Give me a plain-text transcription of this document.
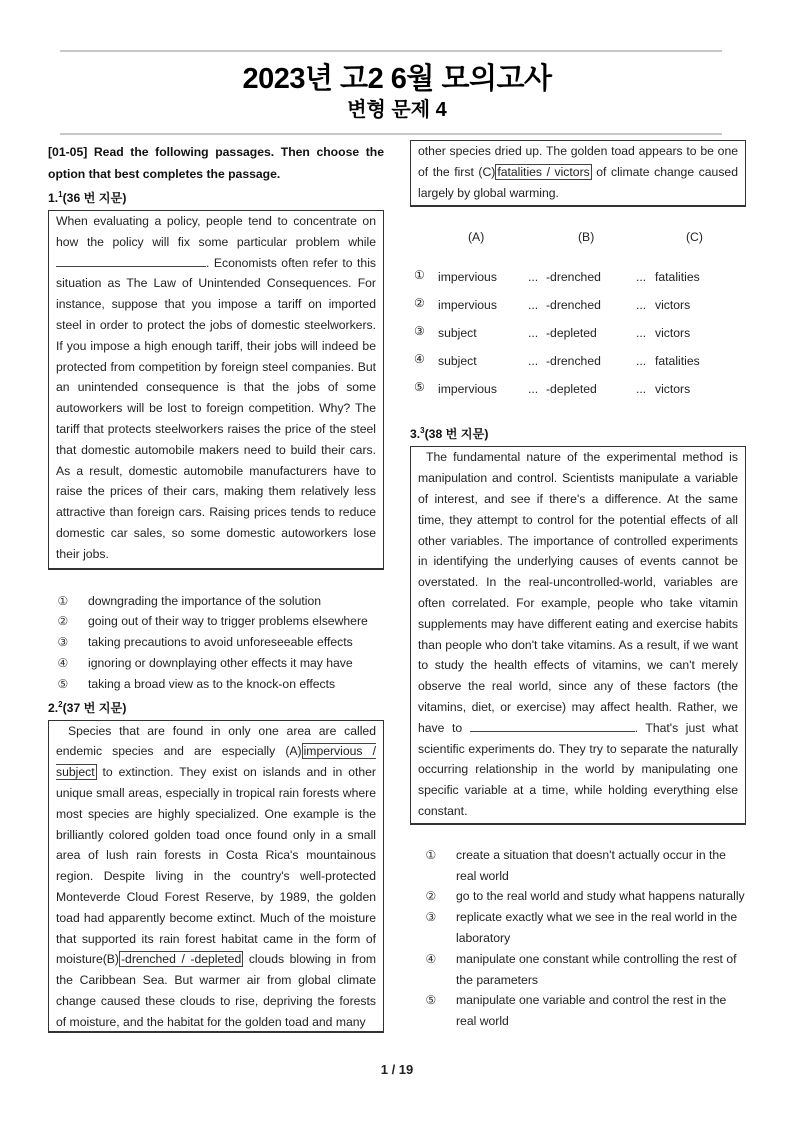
2023년 고2 6월 모의고사
변형 문제 4
[01-05] Read the following passages. Then choose the option that best completes the passage.
1.$^1$(36 번 지문)
When evaluating a policy, people tend to concentrate on how the policy will fix some particular problem while . Economists often refer to this situation as The Law of Unintended Consequences. For instance, suppose that you impose a tariff on imported steel in order to protect the jobs of domestic steelworkers. If you impose a high enough tariff, their jobs will indeed be protected from competition by foreign steel companies. But an unintended consequence is that the jobs of some autoworkers will be lost to foreign competition. Why? The tariff that protects steelworkers raises the price of the steel that domestic automobile makers need to build their cars. As a result, domestic automobile manufacturers have to raise the prices of their cars, making them relatively less attractive than foreign cars. Raising prices tends to reduce domestic car sales, so some domestic autoworkers lose their jobs.
①	downgrading the importance of the solution
②	going out of their way to trigger problems elsewhere
③	taking precautions to avoid unforeseeable effects
④	ignoring or downplaying other effects it may have
⑤	taking a broad view as to the knock-on effects
2.$^2$(37 번 지문)
Species that are found in only one area are called endemic species and are especially (A) impervious / subject to extinction. They exist on islands and in other unique small areas, especially in tropical rain forests where most species are highly specialized. One example is the brilliantly colored golden toad once found only in a small area of lush rain forests in Costa Rica's mountainous region. Despite living in the country's well-protected Monteverde Cloud Forest Reserve, by 1989, the golden toad had apparently become extinct. Much of the moisture that supported its rain forest habitat came in the form of moisture(B) -drenched / -depleted clouds blowing in from the Caribbean Sea. But warmer air from global climate change caused these clouds to rise, depriving the forests of moisture, and the habitat for the golden toad and many
other species dried up. The golden toad appears to be one of the first (C) fatalities / victors of climate change caused largely by global warming.
(A)	(B)	(C)
① impervious	... -drenched	... fatalities
② impervious	... -drenched	... victors
③ subject	... -depleted	... victors
④ subject	... -drenched	... fatalities
⑤ impervious	... -depleted	... victors
3.$^3$(38 번 지문)
The fundamental nature of the experimental method is manipulation and control. Scientists manipulate a variable of interest, and see if there's a difference. At the same time, they attempt to control for the potential effects of all other variables. The importance of controlled experiments in identifying the underlying causes of events cannot be overstated. In the real-uncontrolled-world, variables are often correlated. For example, people who take vitamin supplements may have different eating and exercise habits than people who don't take vitamins. As a result, if we want to study the health effects of vitamins, we can't merely observe the real world, since any of these factors (the vitamins, diet, or exercise) may affect health. Rather, we have to	. That's just what scientific experiments do. They try to separate the naturally occurring relationship in the world by manipulating one specific variable at a time, while holding everything else constant.
①	create a situation that doesn't actually occur in the real world
②	go to the real world and study what happens naturally
③	replicate exactly what we see in the real world in the laboratory
④	manipulate one constant while controlling the rest of the parameters
⑤	manipulate one variable and control the rest in the real world
1 / 19
